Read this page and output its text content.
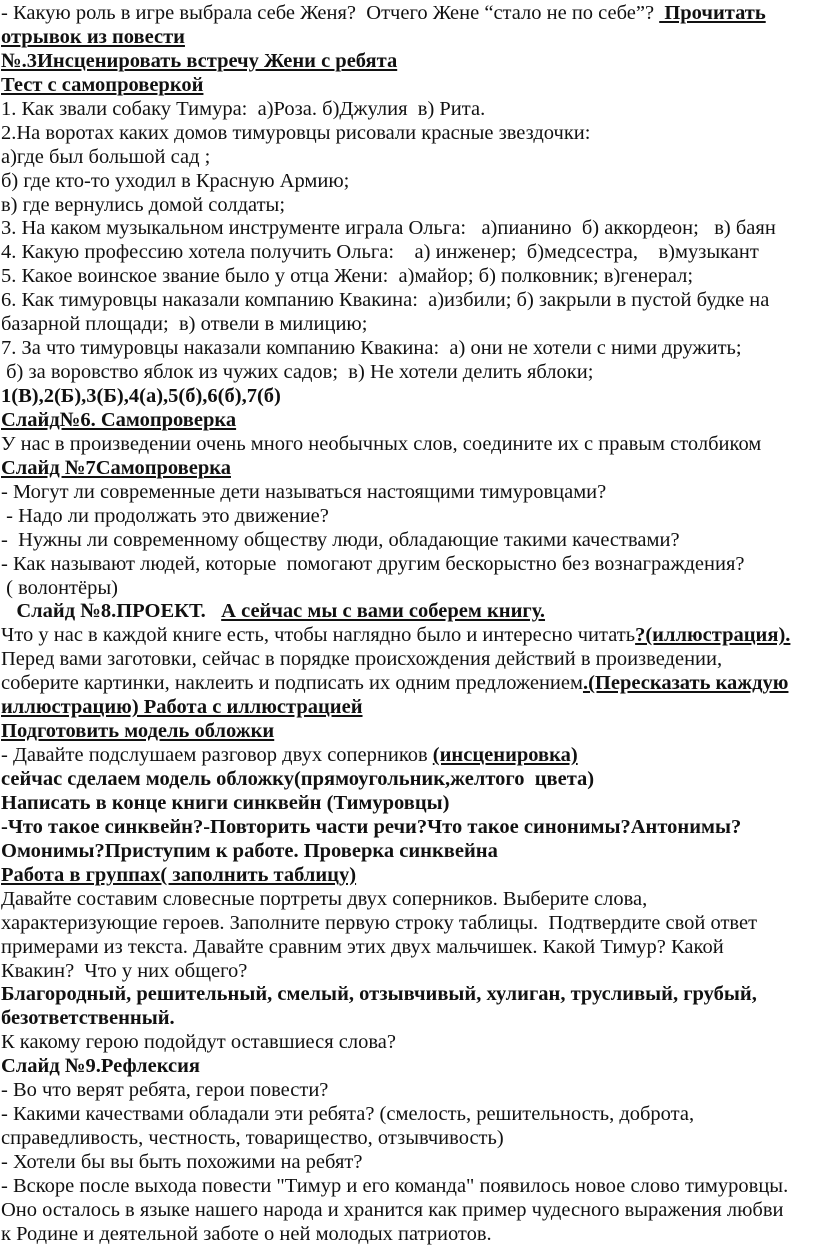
- Какую роль в игре выбрала себе Женя?  Отчего Жене “стало не по себе”?  Прочитать
отрывок из повести
№.3Инсценировать встречу Жени с ребята
Тест с самопроверкой
1. Как звали собаку Тимура:  а)Роза. б)Джулия  в) Рита.
2.На воротах каких домов тимуровцы рисовали красные звездочки:
а)где был большой сад ;
б) где кто-то уходил в Красную Армию;
в) где вернулись домой солдаты;
3. На каком музыкальном инструменте играла Ольга:   а)пианино  б) аккордеон;   в) баян
4. Какую профессию хотела получить Ольга:    а) инженер;  б)медсестра,    в)музыкант
5. Какое воинское звание было у отца Жени:  а)майор; б) полковник; в)генерал;
6. Как тимуровцы наказали компанию Квакина:  а)избили; б) закрыли в пустой будке на
базарной площади;  в) отвели в милицию;
7. За что тимуровцы наказали компанию Квакина:  а) они не хотели с ними дружить;
б) за воровство яблок из чужих садов;  в) Не хотели делить яблоки;
1(В),2(Б),3(Б),4(а),5(б),6(б),7(б)
Слайд№6. Самопроверка
У нас в произведении очень много необычных слов, соедините их с правым столбиком
Слайд №7Самопроверка
- Могут ли современные дети называться настоящими тимуровцами?
- Надо ли продолжать это движение?
-  Нужны ли современному обществу люди, обладающие такими качествами?
- Как называют людей, которые  помогают другим бескорыстно без вознаграждения?
( волонтёры)
Слайд №8.ПРОЕКТ.   А сейчас мы с вами соберем книгу.
Что у нас в каждой книге есть, чтобы наглядно было и интересно читать?(иллюстрация).
Перед вами заготовки, сейчас в порядке происхождения действий в произведении,
соберите картинки, наклеить и подписать их одним предложением.(Пересказать каждую
иллюстрацию) Работа с иллюстрацией
Подготовить модель обложки
- Давайте подслушаем разговор двух соперников (инсценировка)
сейчас сделаем модель обложку(прямоугольник,желтого  цвета)
Написать в конце книги синквейн (Тимуровцы)
-Что такое синквейн?-Повторить части речи?Что такое синонимы?Антонимы?
Омонимы?Приступим к работе. Проверка синквейна
Работа в группах( заполнить таблицу)
Давайте составим словесные портреты двух соперников. Выберите слова,
характеризующие героев. Заполните первую строку таблицы.  Подтвердите свой ответ
примерами из текста. Давайте сравним этих двух мальчишек. Какой Тимур? Какой
Квакин?  Что у них общего?
Благородный, решительный, смелый, отзывчивый, хулиган, трусливый, грубый,
безответственный.
К какому герою подойдут оставшиеся слова?
Слайд №9.Рефлексия
- Во что верят ребята, герои повести?
- Какими качествами обладали эти ребята? (смелость, решительность, доброта,
справедливость, честность, товарищество, отзывчивость)
- Хотели бы вы быть похожими на ребят?
- Вскоре после выхода повести "Тимур и его команда" появилось новое слово тимуровцы.
Оно осталось в языке нашего народа и хранится как пример чудесного выражения любви
к Родине и деятельной заботе о ней молодых патриотов.
